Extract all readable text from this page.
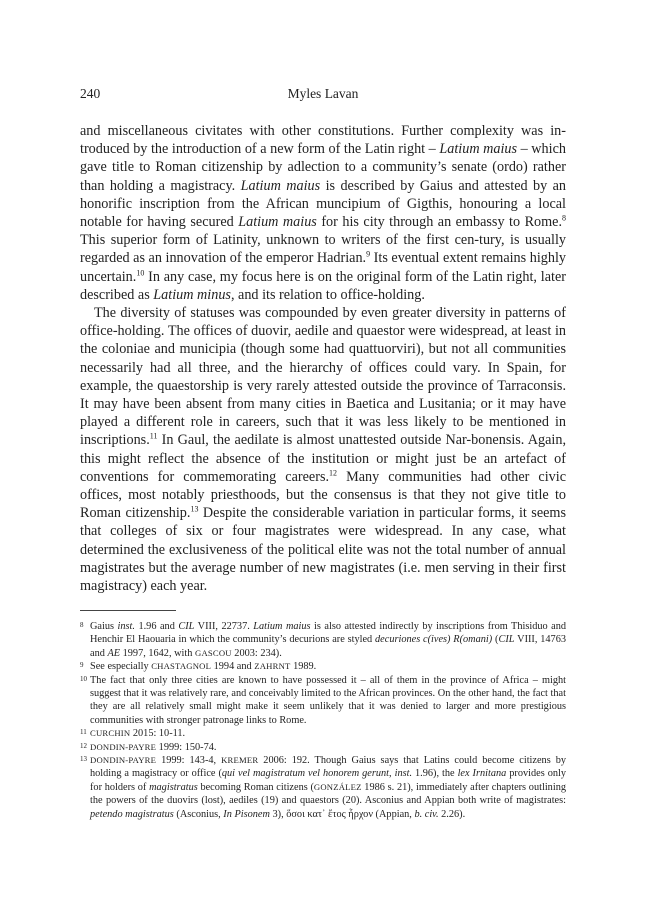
240	Myles Lavan

and miscellaneous civitates with other constitutions. Further complexity was in-troduced by the introduction of a new form of the Latin right – Latium maius – which gave title to Roman citizenship by adlection to a community’s senate (ordo) rather than holding a magistracy. Latium maius is described by Gaius and attested by an honorific inscription from the African muncipium of Gigthis, honouring a local notable for having secured Latium maius for his city through an embassy to Rome.$^8$ This superior form of Latinity, unknown to writers of the first cen-tury, is usually regarded as an innovation of the emperor Hadrian.$^9$ Its eventual extent remains highly uncertain.$^{10}$ In any case, my focus here is on the original form of the Latin right, later described as Latium minus, and its relation to office-holding.

The diversity of statuses was compounded by even greater diversity in patterns of office-holding. The offices of duovir, aedile and quaestor were widespread, at least in the coloniae and municipia (though some had quattuorviri), but not all communities necessarily had all three, and the hierarchy of offices could vary. In Spain, for example, the quaestorship is very rarely attested outside the province of Tarraconsis. It may have been absent from many cities in Baetica and Lusitania; or it may have played a different role in careers, such that it was less likely to be mentioned in inscriptions.$^{11}$ In Gaul, the aedilate is almost unattested outside Nar-bonensis. Again, this might reflect the absence of the institution or might just be an artefact of conventions for commemorating careers.$^{12}$ Many communities had other civic offices, most notably priesthoods, but the consensus is that they not give title to Roman citizenship.$^{13}$ Despite the considerable variation in particular forms, it seems that colleges of six or four magistrates were widespread. In any case, what determined the exclusiveness of the political elite was not the total number of annual magistrates but the average number of new magistrates (i.e. men serving in their first magistracy) each year.

8 Gaius inst. 1.96 and CIL VIII, 22737. Latium maius is also attested indirectly by inscriptions from Thisiduo and Henchir El Haouaria in which the community’s decurions are styled decuriones c(ives) R(omani) (CIL VIII, 14763 and AE 1997, 1642, with GASCOU 2003: 234).

9 See especially CHASTAGNOL 1994 and ZAHRNT 1989.

10 The fact that only three cities are known to have possessed it – all of them in the province of Africa – might suggest that it was relatively rare, and conceivably limited to the African provinces. On the other hand, the fact that they are all relatively small might make it seem unlikely that it was denied to larger and more prestigious communities with stronger patronage links to Rome.

11 CURCHIN 2015: 10-11.

12 DONDIN-PAYRE 1999: 150-74.

13 DONDIN-PAYRE 1999: 143-4, KREMER 2006: 192. Though Gaius says that Latins could become citizens by holding a magistracy or office (qui vel magistratum vel honorem gerunt, inst. 1.96), the lex Irnitana provides only for holders of magistratus becoming Roman citizens (GONZÁLEZ 1986 s. 21), immediately after chapters outlining the powers of the duovirs (lost), aediles (19) and quaestors (20). Asconius and Appian both write of magistrates: petendo magistratus (Asconius, In Pisonem 3), ὅσοι κατ᾽ ἔτος ἦρχον (Appian, b. civ. 2.26).
